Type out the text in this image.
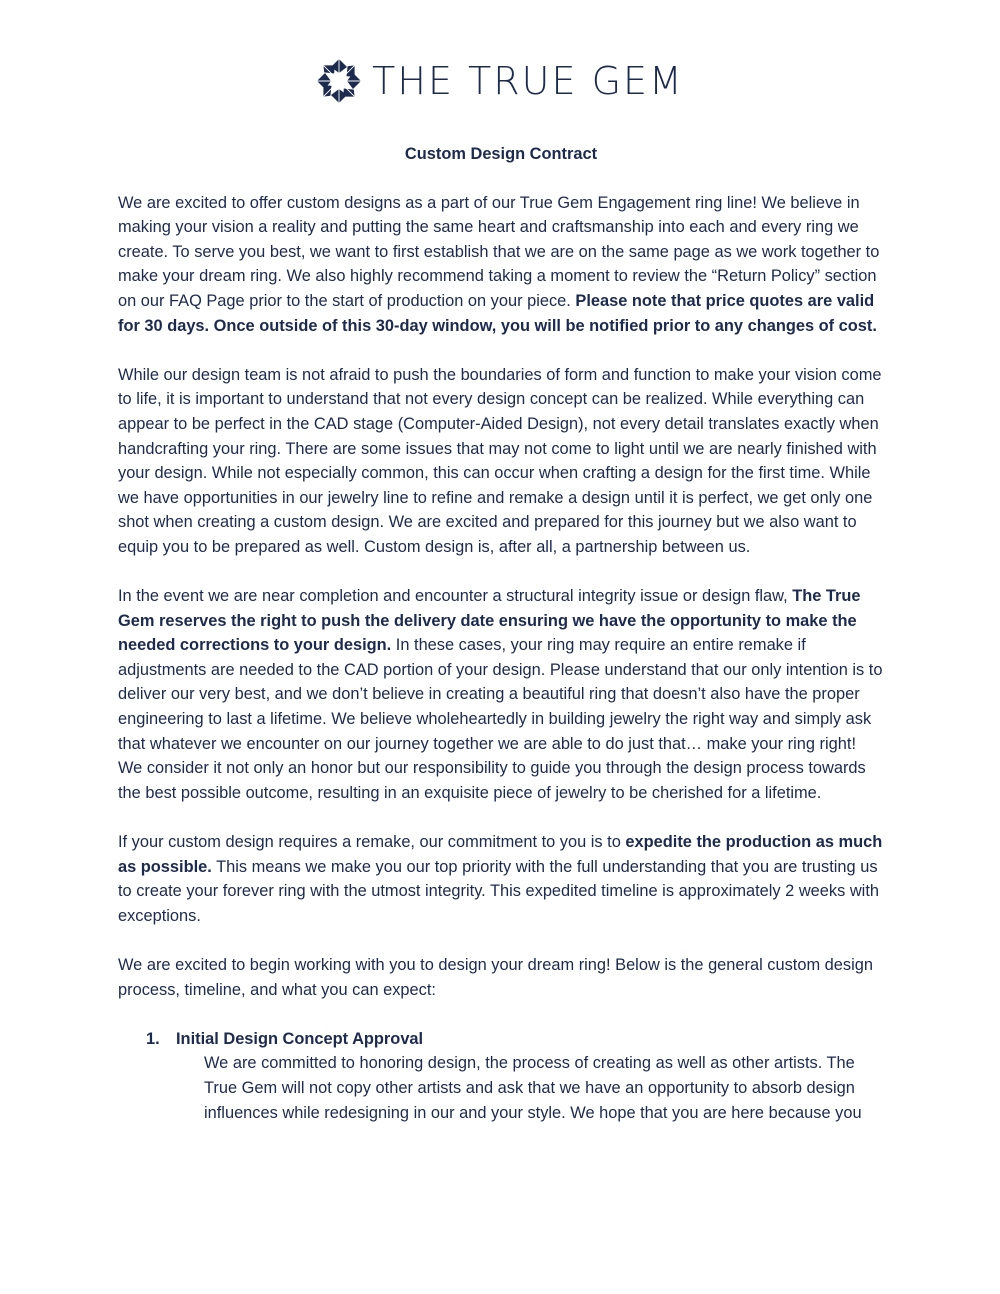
THE TRUE GEM
Custom Design Contract

We are excited to offer custom designs as a part of our True Gem Engagement ring line! We believe in making your vision a reality and putting the same heart and craftsmanship into each and every ring we create. To serve you best, we want to first establish that we are on the same page as we work together to make your dream ring. We also highly recommend taking a moment to review the “Return Policy” section on our FAQ Page prior to the start of production on your piece. Please note that price quotes are valid for 30 days. Once outside of this 30-day window, you will be notified prior to any changes of cost.

While our design team is not afraid to push the boundaries of form and function to make your vision come to life, it is important to understand that not every design concept can be realized. While everything can appear to be perfect in the CAD stage (Computer-Aided Design), not every detail translates exactly when handcrafting your ring. There are some issues that may not come to light until we are nearly finished with your design. While not especially common, this can occur when crafting a design for the first time. While we have opportunities in our jewelry line to refine and remake a design until it is perfect, we get only one shot when creating a custom design. We are excited and prepared for this journey but we also want to equip you to be prepared as well. Custom design is, after all, a partnership between us.

In the event we are near completion and encounter a structural integrity issue or design flaw, The True Gem reserves the right to push the delivery date ensuring we have the opportunity to make the needed corrections to your design. In these cases, your ring may require an entire remake if adjustments are needed to the CAD portion of your design. Please understand that our only intention is to deliver our very best, and we don’t believe in creating a beautiful ring that doesn’t also have the proper engineering to last a lifetime. We believe wholeheartedly in building jewelry the right way and simply ask that whatever we encounter on our journey together we are able to do just that… make your ring right! We consider it not only an honor but our responsibility to guide you through the design process towards the best possible outcome, resulting in an exquisite piece of jewelry to be cherished for a lifetime.

If your custom design requires a remake, our commitment to you is to expedite the production as much as possible. This means we make you our top priority with the full understanding that you are trusting us to create your forever ring with the utmost integrity. This expedited timeline is approximately 2 weeks with exceptions.

We are excited to begin working with you to design your dream ring! Below is the general custom design process, timeline, and what you can expect:

1. Initial Design Concept Approval
We are committed to honoring design, the process of creating as well as other artists. The True Gem will not copy other artists and ask that we have an opportunity to absorb design influences while redesigning in our and your style. We hope that you are here because you
